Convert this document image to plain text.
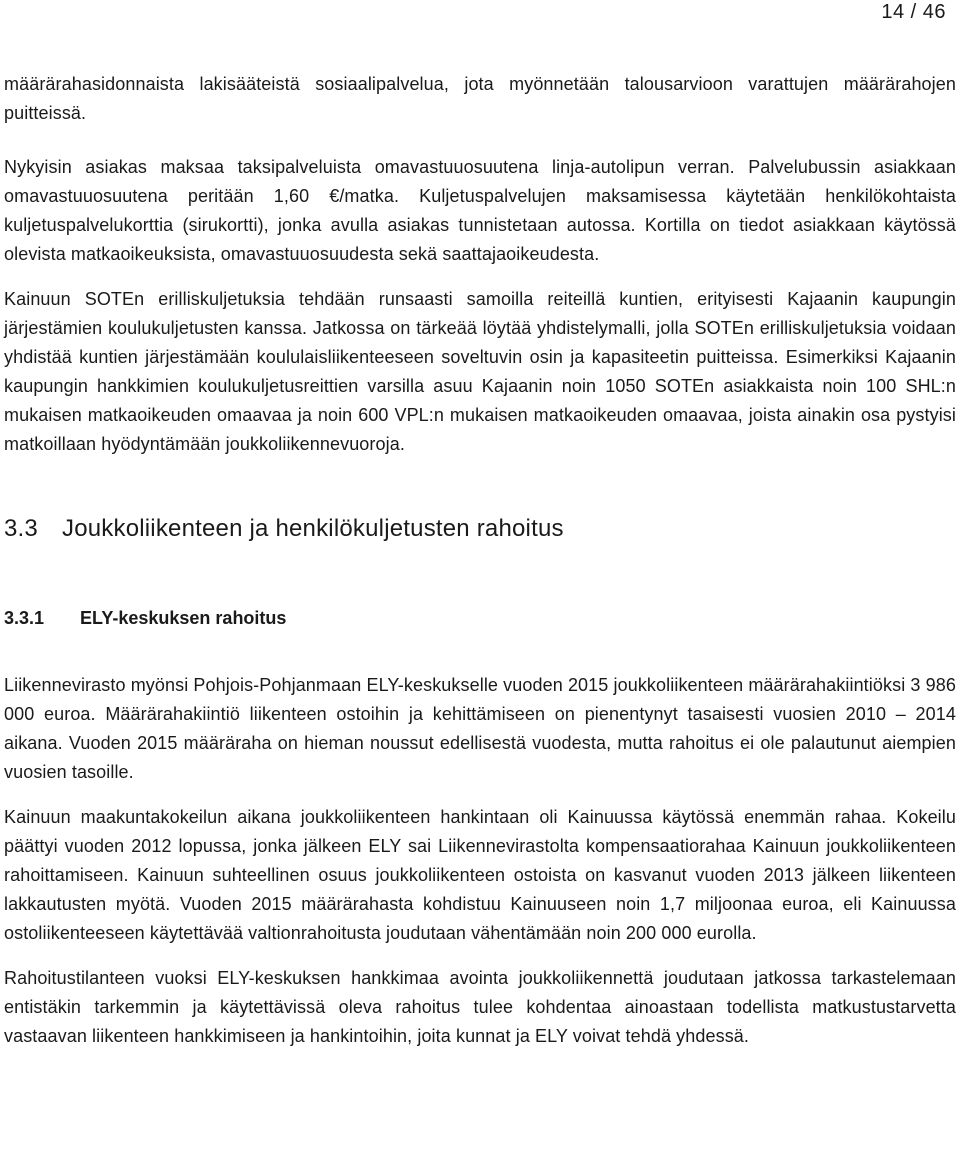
14 / 46

määrärahasidonnaista lakisääteistä sosiaalipalvelua, jota myönnetään talousarvioon varattujen määrärahojen puitteissä.

Nykyisin asiakas maksaa taksipalveluista omavastuuosuutena linja-autolipun verran. Palvelubussin asiakkaan omavastuuosuutena peritään 1,60 €/matka. Kuljetuspalvelujen maksamisessa käytetään henkilökohtaista kuljetuspalvelukorttia (sirukortti), jonka avulla asiakas tunnistetaan autossa. Kortilla on tiedot asiakkaan käytössä olevista matkaoikeuksista, omavastuuosuudesta sekä saattajaoikeudesta.

Kainuun SOTEn erilliskuljetuksia tehdään runsaasti samoilla reiteillä kuntien, erityisesti Kajaanin kaupungin järjestämien koulukuljetusten kanssa. Jatkossa on tärkeää löytää yhdistelymalli, jolla SOTEn erilliskuljetuksia voidaan yhdistää kuntien järjestämään koululaisliikenteeseen soveltuvin osin ja kapasiteetin puitteissa. Esimerkiksi Kajaanin kaupungin hankkimien koulukuljetusreittien varsilla asuu Kajaanin noin 1050 SOTEn asiakkaista noin 100 SHL:n mukaisen matkaoikeuden omaavaa ja noin 600 VPL:n mukaisen matkaoikeuden omaavaa, joista ainakin osa pystyisi matkoillaan hyödyntämään joukkoliikennevuoroja.

3.3 Joukkoliikenteen ja henkilökuljetusten rahoitus
3.3.1 ELY-keskuksen rahoitus

Liikennevirasto myönsi Pohjois-Pohjanmaan ELY-keskukselle vuoden 2015 joukkoliikenteen määrärahakiintiöksi 3 986 000 euroa. Määrärahakiintiö liikenteen ostoihin ja kehittämiseen on pienentynyt tasaisesti vuosien 2010 – 2014 aikana. Vuoden 2015 määräraha on hieman noussut edellisestä vuodesta, mutta rahoitus ei ole palautunut aiempien vuosien tasoille.

Kainuun maakuntakokeilun aikana joukkoliikenteen hankintaan oli Kainuussa käytössä enemmän rahaa. Kokeilu päättyi vuoden 2012 lopussa, jonka jälkeen ELY sai Liikennevirastolta kompensaatiorahaa Kainuun joukkoliikenteen rahoittamiseen. Kainuun suhteellinen osuus joukkoliikenteen ostoista on kasvanut vuoden 2013 jälkeen liikenteen lakkautusten myötä. Vuoden 2015 määrärahasta kohdistuu Kainuuseen noin 1,7 miljoonaa euroa, eli Kainuussa ostoliikenteeseen käytettävää valtionrahoitusta joudutaan vähentämään noin 200 000 eurolla.

Rahoitustilanteen vuoksi ELY-keskuksen hankkimaa avointa joukkoliikennettä joudutaan jatkossa tarkastelemaan entistäkin tarkemmin ja käytettävissä oleva rahoitus tulee kohdentaa ainoastaan todellista matkustustarvetta vastaavan liikenteen hankkimiseen ja hankintoihin, joita kunnat ja ELY voivat tehdä yhdessä.
